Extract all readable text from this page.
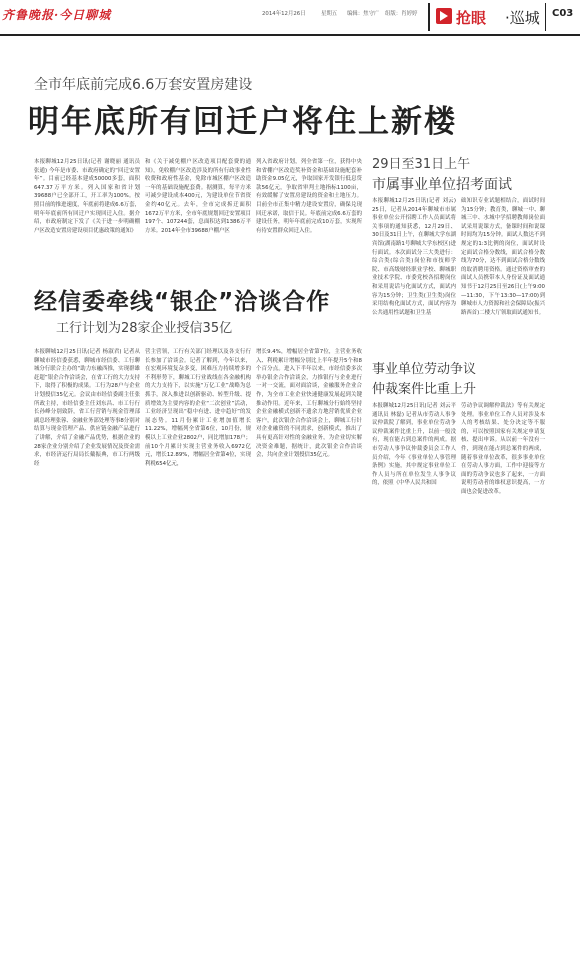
齐鲁晚报·今日聊城	2014年12月26日	星期五 编辑：焦守广 组版：肖婷婷	抢眼 ·巡城 C03
全市年底前完成6.6万套安置房建设
明年底所有回迁户将住上新楼
本报聊城12月25日讯(记者 谢晓丽 通讯员 张通) 今年是市委、市政府确定的“回迁安置年”。目前已经基本建成50000多套，面积647.37万平方米。列入国家和省计划39688户已全部开工，开工率为100%。按照目前的推进速度，年底前将建成6.6万套，明年年底前所有回迁户实现回迁入住。据介绍，市政府制定下发了《关于进一步明确棚户区改造安置房建设项目优惠政策的通知》
和《关于减免棚户区改造项目配套费的通知》，免收棚户区改造涉及的所有行政事业性收费和政府性基金，免除市城区棚户区改造一年的基础设施配套费。据测算，每平方米可减少建设成本400元，为建设单位节省资金约40亿元。去年，全市完成拆迁面积1672万平方米，全市年底规划回迁安置项目197个、107244套，总面积达到1386万平方米。2014年全市39688户棚户区
列入省政府计划，列全省第一位，获得中央和省棚户区改造奖补资金和基础设施配套补助资金9.05亿元，争取国家开发银行低息贷款56亿元，争取省审判土地指标1100亩，有效缓解了安置房建设的资金和土地压力。目前全市正集中精力建设安置房，确保兑现回迁承诺，取信于民。年底前完成6.6万套的建设任务，明年年底前完成10万套，实现所有待安置群众回迁入住。
经信委牵线“银企”洽谈合作
工行计划为28家企业授信35亿
本报聊城12月25日讯(记者 杨淑君) 记者从聊城市经信委获悉，聊城市经信委、工行聊城分行联合主办的“助力东融西推，实现群雄赶超”银企合作洽谈会，在省工行的大力支持下，取得了积极的成果。工行为28户与企业计划授信35亿元。会议由市经信委副主任张所政主持，市经信委主任刘东昌、市工行行长孙峰分别致辞，省工行营销与现金管理部副总经理张蓉、金融业务部处理等事8分别对结算与现金管理产品、供应链金融产品进行了讲解，介绍了金融产品优势，根据企业的28家企业分别介绍了企业发展情况及资金需求，市经济运行局局长戴振典，市工行两级经
营主营领，工行有关部门经理以及各支行行长参加了洽谈会。记者了解到，今年以来，在宏观环境复杂多变，困难压力持续增多的不利形势下，聊城工行业战线在各金融机构的大力支持下，以实施“万亿工业”战略为总抓手，深入推进以创新驱动、转型升级、提质增效为主要内容的企业“二次创业”活动，工业经济呈现出“稳中有进、进中趋好”的发展态势。11月份累计工业增加值增长11.22%，增幅列全省第6位，10月份，规模以上工业企业2802户，同比增加178户；前10个月累计实现主营业务收入6972亿元，增长12.89%，增幅居全省第4位，实现利税654亿元，
增长9.4%，增幅居全省第7位，主营业务收入、利税累计增幅分别比上半年提升5个和8个百分点。进入下半年以来，市经信委多次举办银企合作洽谈会，力推银行与企业进行一对一交流，面对面洽谈，金融服务企业合作，为全市工业企业快速健康发展起到关键推动作用。近年来，工行聊城分行始终坚持企业金融横式创新不遗余力地营销优质企业客户，此次银企合作洽谈会上，聊城工行针对企业融资的不同需求，创新模式，推出了具有更高针对性的金融业务，为企业切实解决资金难题，据统计，此次银企合作洽谈会，共向企业计划授信35亿元。
29日至31日上午
市属事业单位招考面试
本报聊城12月25日讯(记者 刘云) 25日，记者从2014年聊城市市属事业单位公开招聘工作人员面试将关事项的通知获悉，12月29日、30日及31日上午，在聊城大学东湖宾馆(湖南路1号聊城大学东校区)进行面试。本次面试分三大类进行：综合类(综合类)岗位和市技师学院、市高级财经职业学校、聊城职业技术学院、市委党校各招聘岗位和采用说话与化面试方式，面试内容为15分钟；卫生类(卫生类)岗位采用结构化面试方式，面试内容为公共通用性试题和卫生基
础知识专业试题相结合，面试时间为15分钟；教育类，聊城一中、聊城三中、水城中学招聘教师岗位面试采用说课方式，备课时间和说课时间均为15分钟。面试人数达不到规定的1:3比例的岗位，面试时设定面试合格分数线，面试合格分数线为70分，达不到面试合格分数线的取消聘用资格。通过资格审查的面试人员携带本人身份证及面试通知书于12月25日至26日(上午9:00—11:30，下午13:30—17:00)到聊城市人力资源和社会保障局(振兴路西首)二楼大厅领取面试通知书。
事业单位劳动争议
仲裁案件比重上升
本报聊城12月25日讯(记者 刘云平 通讯员 林磊) 记者从市劳动人事争议仲裁院了解到，事业单位劳动争议仲裁案件比重上升，以前一般没有，现在能占到总案件的两成。据市劳动人事争议仲裁委员会工作人员介绍，今年《事业单位人事管理条例》实施，其中规定事业单位工作人员与所在单位发生人事争议的，依照《中华人民共和国
劳动争议调解仲裁法》等有关规定处理。事业单位工作人员对涉及本人的考核结果、处分决定等不服的，可以按照国家有关规定申请复核、提出申诉。从以前一年没有一件，到现在能占到总案件的两成，随着事业单位改革，很多事业单位在劳动人事方面，工作中迎接等方面的劳动争议也多了起来，一方面说明劳动者的维权意识提高，一方面也会促进改革。
